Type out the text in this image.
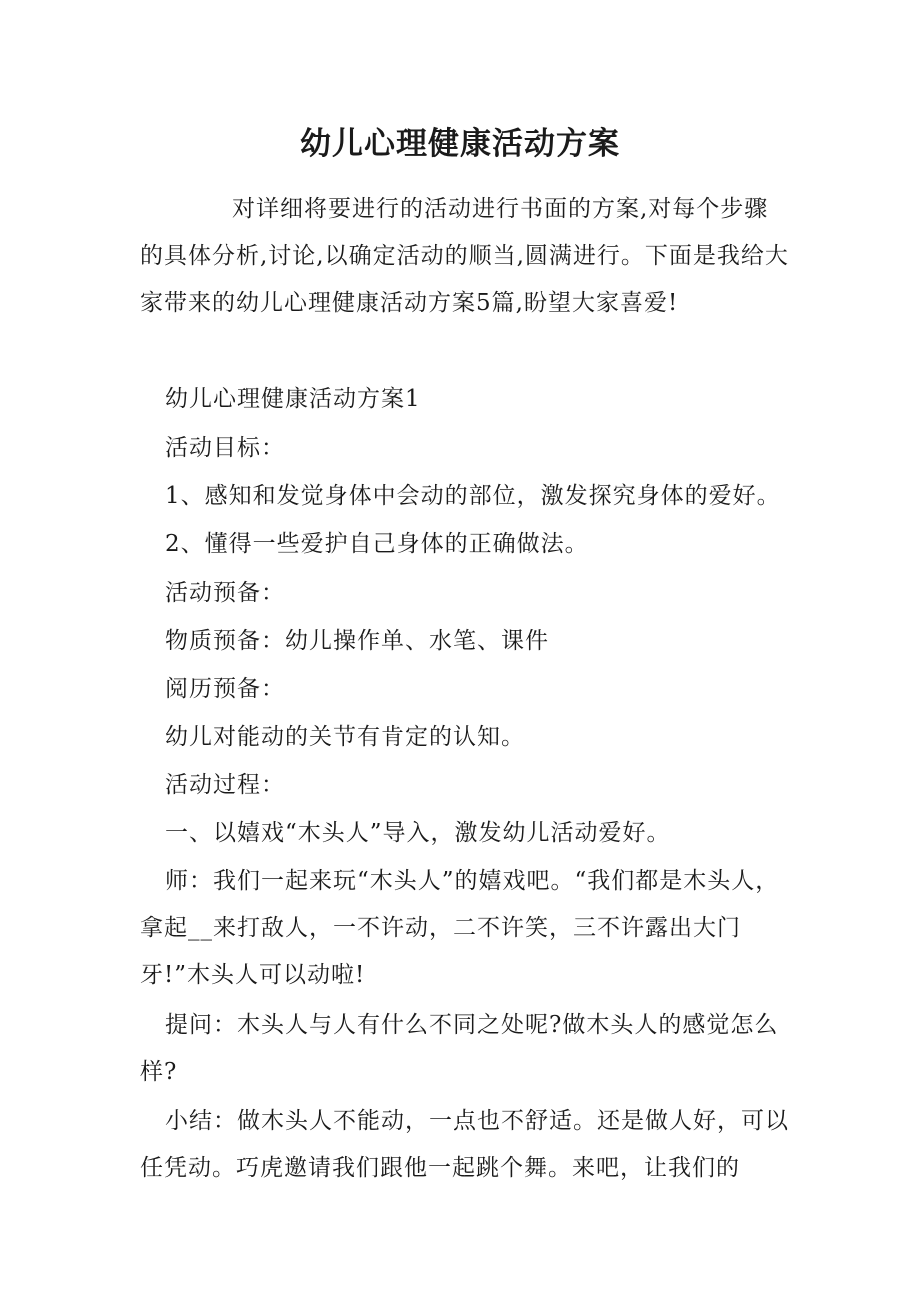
幼儿心理健康活动方案
对详细将要进行的活动进行书面的方案,对每个步骤的具体分析,讨论,以确定活动的顺当,圆满进行。下面是我给大家带来的幼儿心理健康活动方案5篇,盼望大家喜爱!
幼儿心理健康活动方案1
活动目标：
1、感知和发觉身体中会动的部位，激发探究身体的爱好。
2、懂得一些爱护自己身体的正确做法。
活动预备：
物质预备：幼儿操作单、水笔、课件
阅历预备：
幼儿对能动的关节有肯定的认知。
活动过程：
一、以嬉戏“木头人”导入，激发幼儿活动爱好。
师：我们一起来玩“木头人”的嬉戏吧。“我们都是木头人，拿起__来打敌人，一不许动，二不许笑，三不许露出大门牙!”木头人可以动啦!
提问：木头人与人有什么不同之处呢?做木头人的感觉怎么样?
小结：做木头人不能动，一点也不舒适。还是做人好，可以任凭动。巧虎邀请我们跟他一起跳个舞。来吧，让我们的
